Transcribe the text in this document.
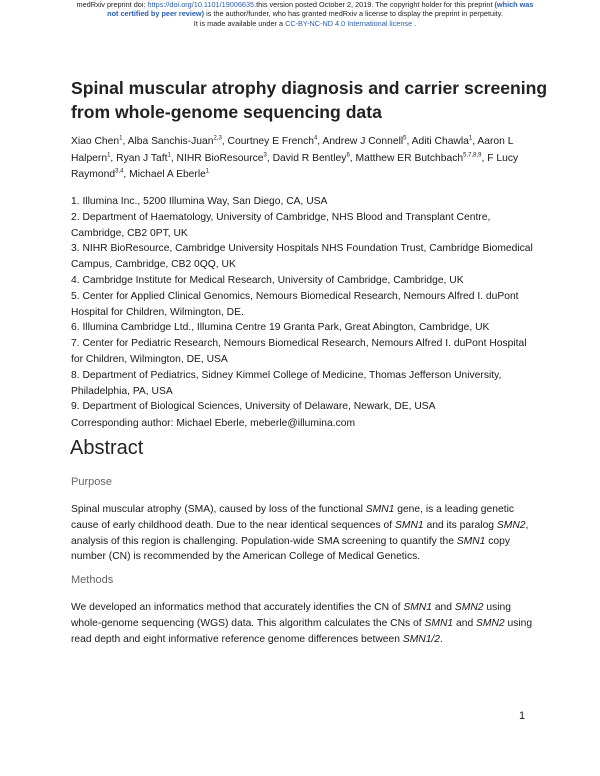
medRxiv preprint doi: https://doi.org/10.1101/19006635.this version posted October 2, 2019. The copyright holder for this preprint (which was
not certified by peer review) is the author/funder, who has granted medRxiv a license to display the preprint in perpetuity.
It is made available under a CC-BY-NC-ND 4.0 International license .
Spinal muscular atrophy diagnosis and carrier screening from whole-genome sequencing data
Xiao Chen$^1$, Alba Sanchis-Juan$^{2,3}$, Courtney E French$^4$, Andrew J Connell$^5$, Aditi Chawla$^1$, Aaron L Halpern$^1$, Ryan J Taft$^1$, NIHR BioResource$^3$, David R Bentley$^6$, Matthew ER Butchbach$^{5,7,8,9}$, F Lucy Raymond$^{3,4}$, Michael A Eberle$^1$

1. Illumina Inc., 5200 Illumina Way, San Diego, CA, USA

2. Department of Haematology, University of Cambridge, NHS Blood and Transplant Centre, Cambridge, CB2 0PT, UK

3. NIHR BioResource, Cambridge University Hospitals NHS Foundation Trust, Cambridge Biomedical Campus, Cambridge, CB2 0QQ, UK

4. Cambridge Institute for Medical Research, University of Cambridge, Cambridge, UK

5. Center for Applied Clinical Genomics, Nemours Biomedical Research, Nemours Alfred I. duPont Hospital for Children, Wilmington, DE.

6. Illumina Cambridge Ltd., Illumina Centre 19 Granta Park, Great Abington, Cambridge, UK

7. Center for Pediatric Research, Nemours Biomedical Research, Nemours Alfred I. duPont Hospital for Children, Wilmington, DE, USA

8. Department of Pediatrics, Sidney Kimmel College of Medicine, Thomas Jefferson University, Philadelphia, PA, USA

9. Department of Biological Sciences, University of Delaware, Newark, DE, USA

Corresponding author: Michael Eberle, meberle@illumina.com
Abstract
Purpose
Spinal muscular atrophy (SMA), caused by loss of the functional SMN1 gene, is a leading genetic cause of early childhood death. Due to the near identical sequences of SMN1 and its paralog SMN2, analysis of this region is challenging. Population-wide SMA screening to quantify the SMN1 copy number (CN) is recommended by the American College of Medical Genetics.
Methods
We developed an informatics method that accurately identifies the CN of SMN1 and SMN2 using whole-genome sequencing (WGS) data. This algorithm calculates the CNs of SMN1 and SMN2 using read depth and eight informative reference genome differences between SMN1/2.
1
